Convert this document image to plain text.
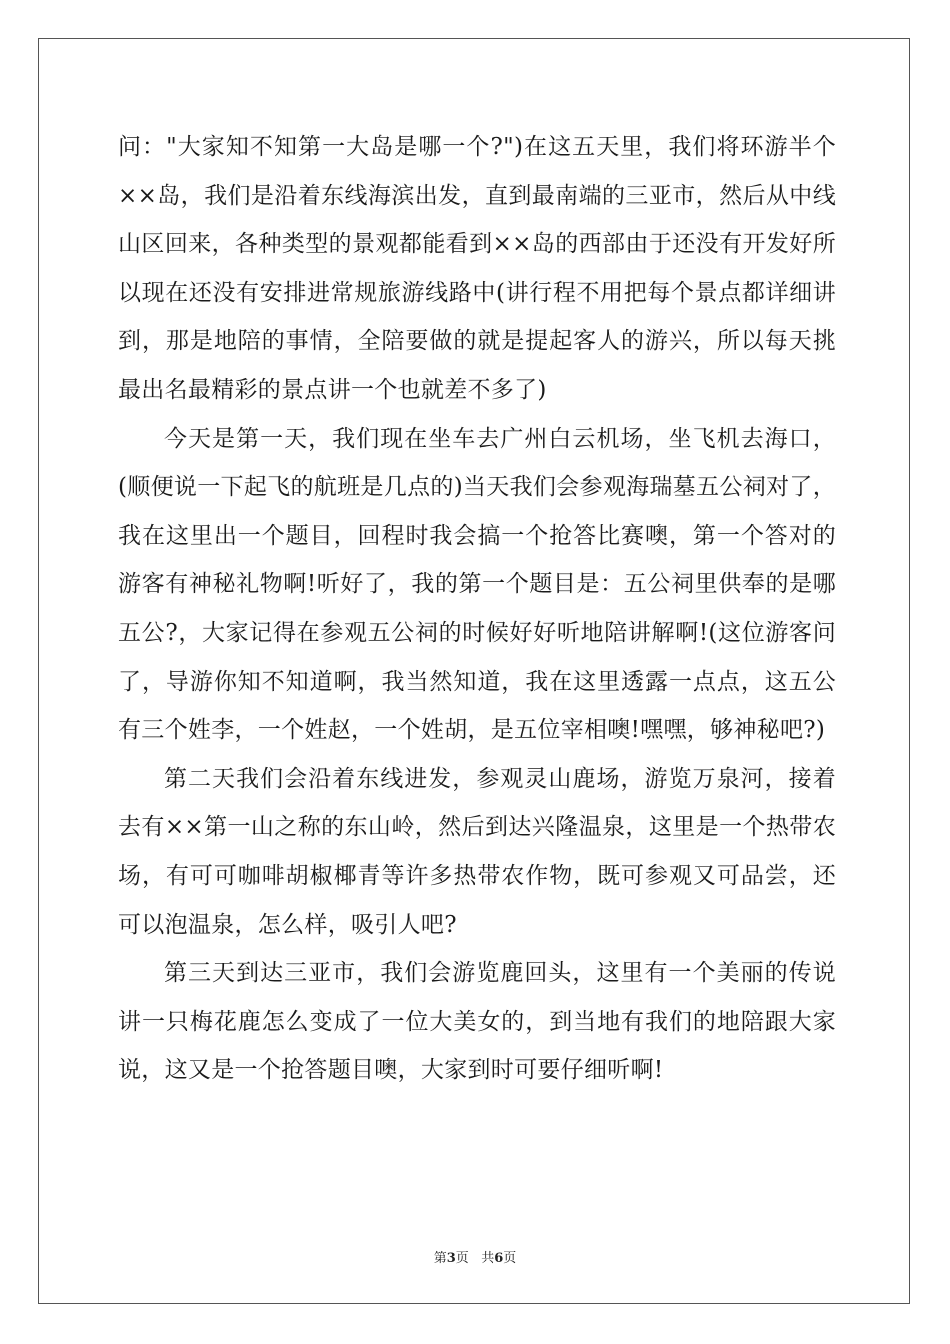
问："大家知不知第一大岛是哪一个?")在这五天里，我们将环游半个××岛，我们是沿着东线海滨出发，直到最南端的三亚市，然后从中线山区回来，各种类型的景观都能看到××岛的西部由于还没有开发好所以现在还没有安排进常规旅游线路中(讲行程不用把每个景点都详细讲到，那是地陪的事情，全陪要做的就是提起客人的游兴，所以每天挑最出名最精彩的景点讲一个也就差不多了)

今天是第一天，我们现在坐车去广州白云机场，坐飞机去海口，(顺便说一下起飞的航班是几点的)当天我们会参观海瑞墓五公祠对了，我在这里出一个题目，回程时我会搞一个抢答比赛噢，第一个答对的游客有神秘礼物啊!听好了，我的第一个题目是：五公祠里供奉的是哪五公?，大家记得在参观五公祠的时候好好听地陪讲解啊!(这位游客问了，导游你知不知道啊，我当然知道，我在这里透露一点点，这五公有三个姓李，一个姓赵，一个姓胡，是五位宰相噢!嘿嘿，够神秘吧?)

第二天我们会沿着东线进发，参观灵山鹿场，游览万泉河，接着去有××第一山之称的东山岭，然后到达兴隆温泉，这里是一个热带农场，有可可咖啡胡椒椰青等许多热带农作物，既可参观又可品尝，还可以泡温泉，怎么样，吸引人吧?

第三天到达三亚市，我们会游览鹿回头，这里有一个美丽的传说讲一只梅花鹿怎么变成了一位大美女的，到当地有我们的地陪跟大家说，这又是一个抢答题目噢，大家到时可要仔细听啊!

第3页 共6页
